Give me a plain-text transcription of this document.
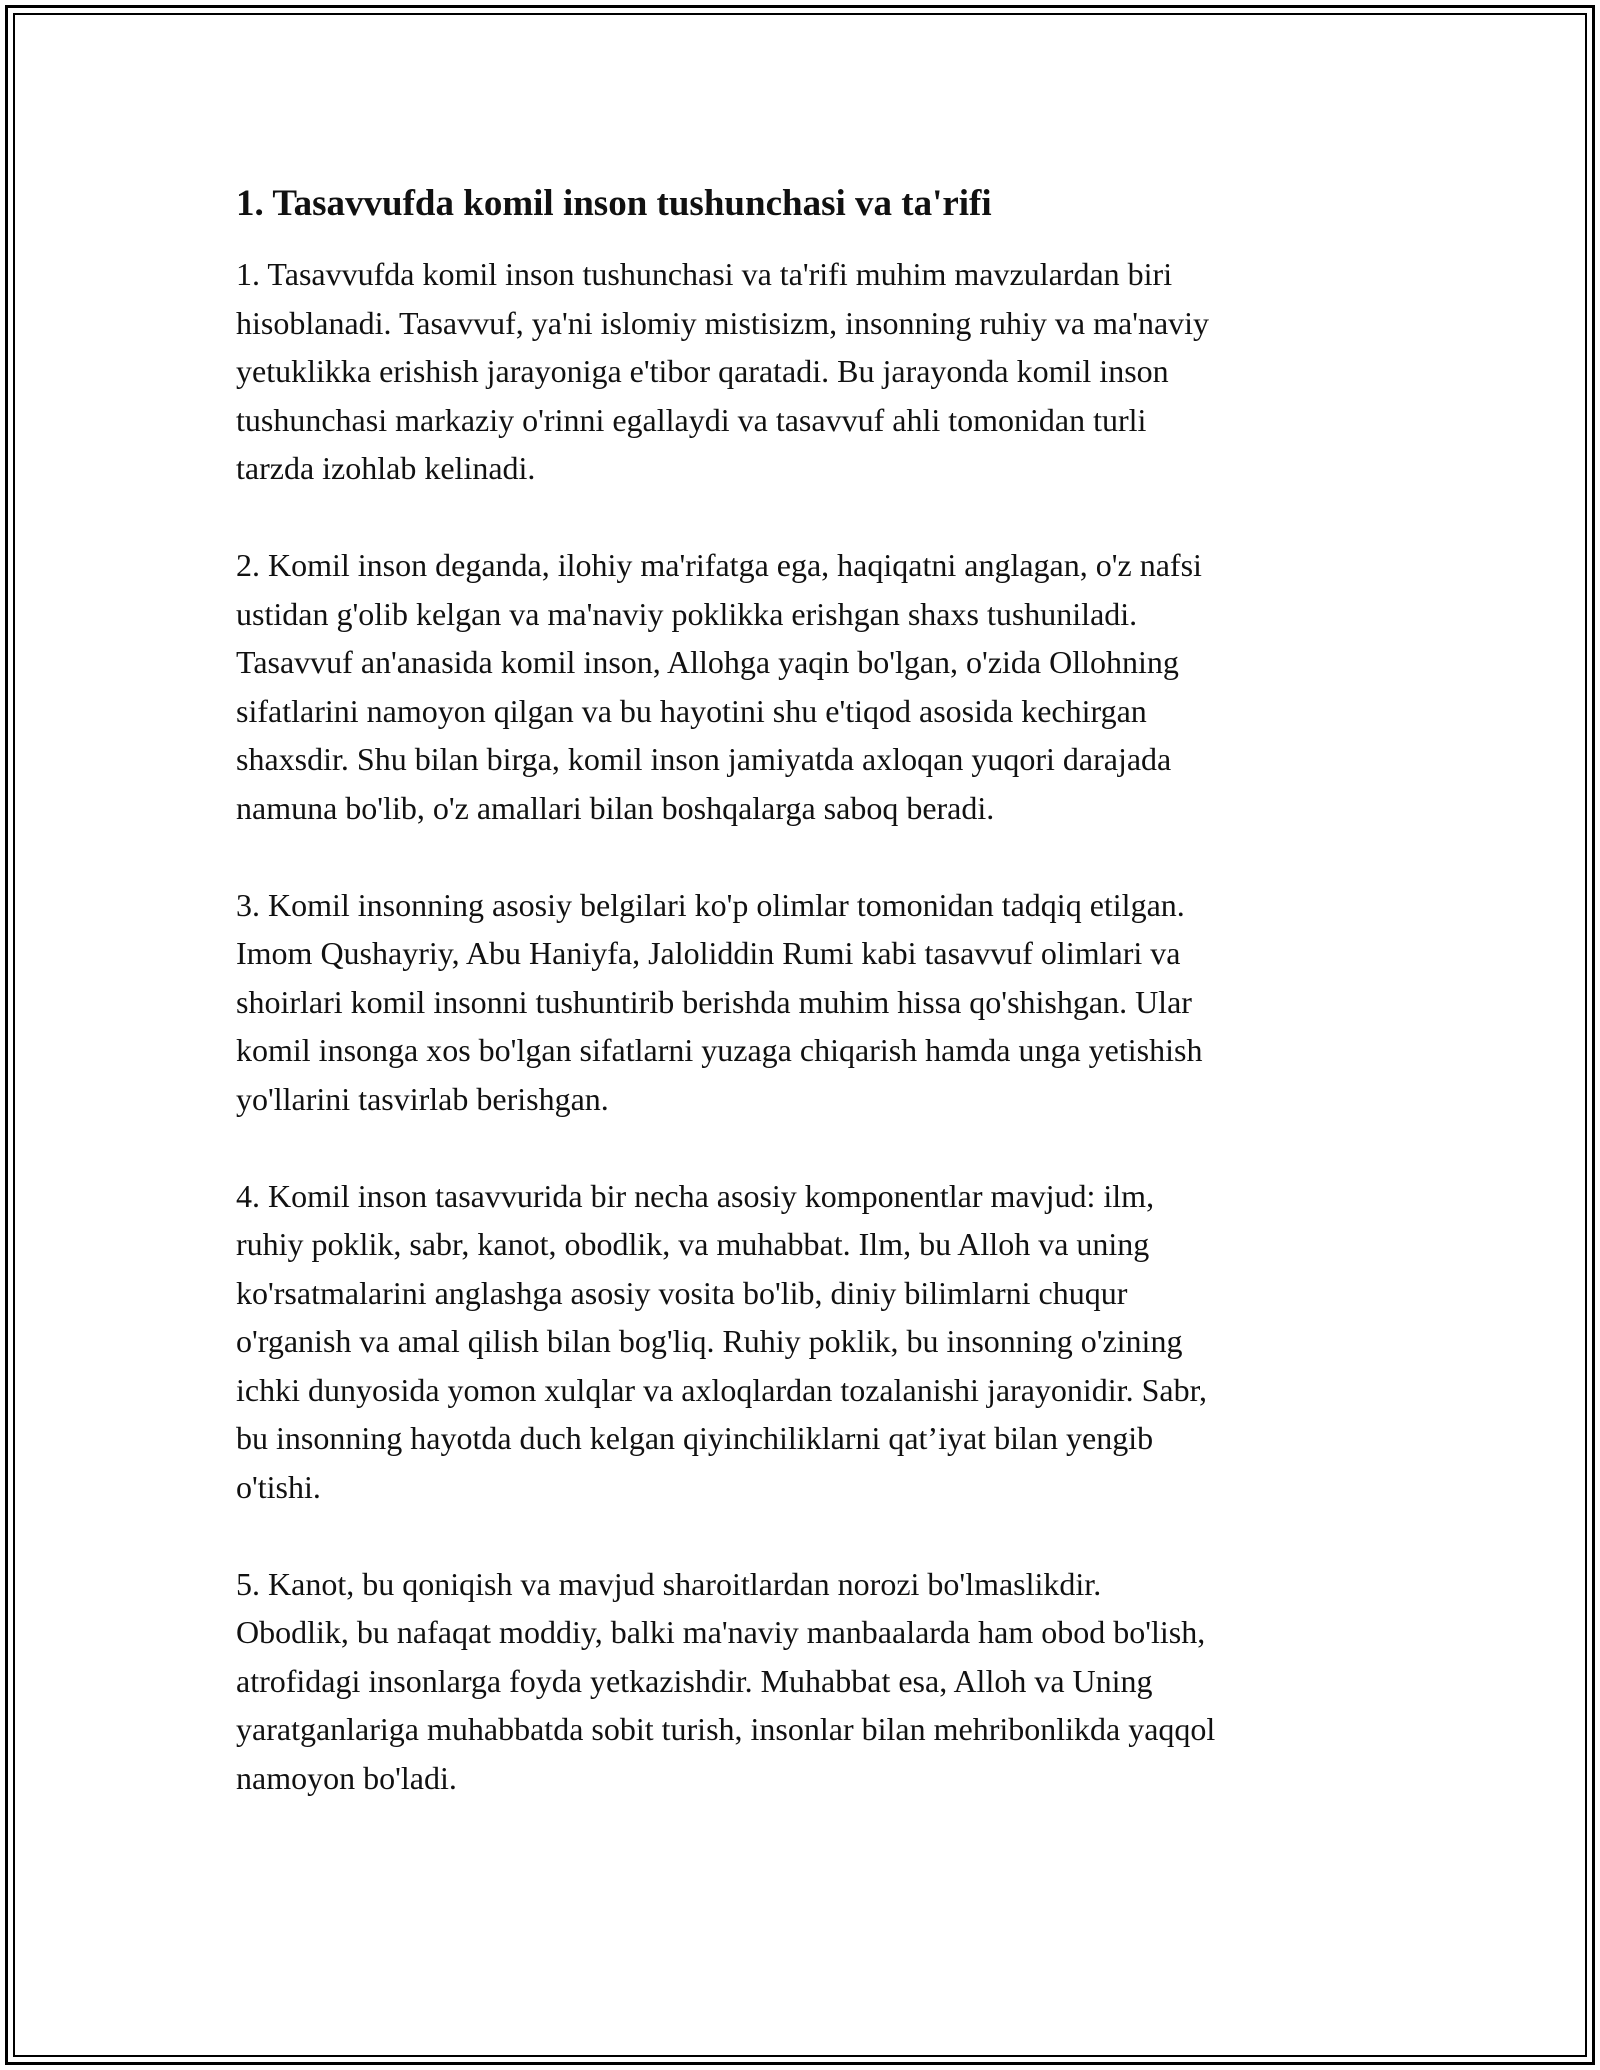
1. Tasavvufda komil inson tushunchasi va ta'rifi

1. Tasavvufda komil inson tushunchasi va ta'rifi muhim mavzulardan biri
hisoblanadi. Tasavvuf, ya'ni islomiy mistisizm, insonning ruhiy va ma'naviy
yetuklikka erishish jarayoniga e'tibor qaratadi. Bu jarayonda komil inson
tushunchasi markaziy o'rinni egallaydi va tasavvuf ahli tomonidan turli
tarzda izohlab kelinadi.

2. Komil inson deganda, ilohiy ma'rifatga ega, haqiqatni anglagan, o'z nafsi
ustidan g'olib kelgan va ma'naviy poklikka erishgan shaxs tushuniladi.
Tasavvuf an'anasida komil inson, Allohga yaqin bo'lgan, o'zida Ollohning
sifatlarini namoyon qilgan va bu hayotini shu e'tiqod asosida kechirgan
shaxsdir. Shu bilan birga, komil inson jamiyatda axloqan yuqori darajada
namuna bo'lib, o'z amallari bilan boshqalarga saboq beradi.

3. Komil insonning asosiy belgilari ko'p olimlar tomonidan tadqiq etilgan.
Imom Qushayriy, Abu Haniyfa, Jaloliddin Rumi kabi tasavvuf olimlari va
shoirlari komil insonni tushuntirib berishda muhim hissa qo'shishgan. Ular
komil insonga xos bo'lgan sifatlarni yuzaga chiqarish hamda unga yetishish
yo'llarini tasvirlab berishgan.

4. Komil inson tasavvurida bir necha asosiy komponentlar mavjud: ilm,
ruhiy poklik, sabr, kanot, obodlik, va muhabbat. Ilm, bu Alloh va uning
ko'rsatmalarini anglashga asosiy vosita bo'lib, diniy bilimlarni chuqur
o'rganish va amal qilish bilan bog'liq. Ruhiy poklik, bu insonning o'zining
ichki dunyosida yomon xulqlar va axloqlardan tozalanishi jarayonidir. Sabr,
bu insonning hayotda duch kelgan qiyinchiliklarni qat’iyat bilan yengib
o'tishi.

5. Kanot, bu qoniqish va mavjud sharoitlardan norozi bo'lmaslikdir.
Obodlik, bu nafaqat moddiy, balki ma'naviy manbaalarda ham obod bo'lish,
atrofidagi insonlarga foyda yetkazishdir. Muhabbat esa, Alloh va Uning
yaratganlariga muhabbatda sobit turish, insonlar bilan mehribonlikda yaqqol
namoyon bo'ladi.
